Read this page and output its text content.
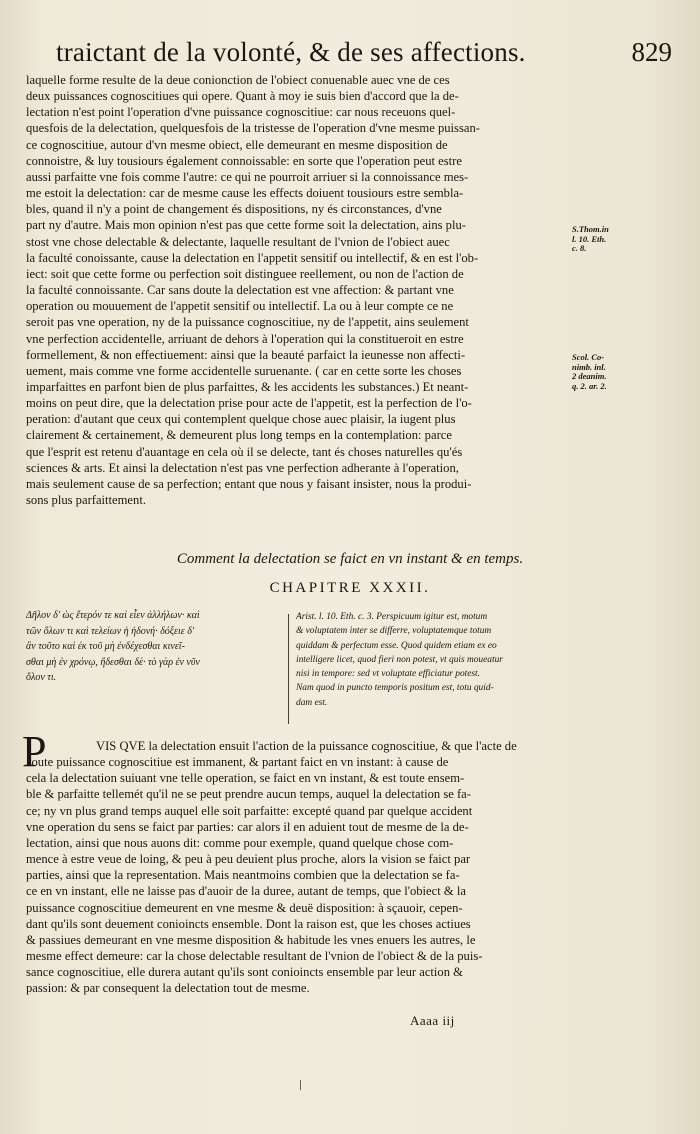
traictant de la volonté, & de ses affections.	829
laquelle forme resulte de la deue conionction de l'obiect conuenable auec vne de ces
deux puissances cognoscitiues qui opere. Quant à moy ie suis bien d'accord que la de-
lectation n'est point l'operation d'vne puissance cognoscitiue: car nous receuons quel-
quesfois de la delectation, quelquesfois de la tristesse de l'operation d'vne mesme puissan-
ce cognoscitiue, autour d'vn mesme obiect, elle demeurant en mesme disposition de
connoistre, & luy tousiours également connoissable: en sorte que l'operation peut estre
aussi parfaitte vne fois comme l'autre: ce qui ne pourroit arriuer si la connoissance mes-
me estoit la delectation: car de mesme cause les effects doiuent tousiours estre sembla-
bles, quand il n'y a point de changement és dispositions, ny és circonstances, d'vne
part ny d'autre. Mais mon opinion n'est pas que cette forme soit la delectation, ains plu-
stost vne chose delectable & delectante, laquelle resultant de l'vnion de l'obiect auec
la faculté conoissante, cause la delectation en l'appetit sensitif ou intellectif, & en est l'ob-
iect: soit que cette forme ou perfection soit distinguee reellement, ou non de l'action de
la faculté connoissante. Car sans doute la delectation est vne affection: & partant vne
operation ou mouuement de l'appetit sensitif ou intellectif. La ou à leur compte ce ne
seroit pas vne operation, ny de la puissance cognoscitiue, ny de l'appetit, ains seulement
vne perfection accidentelle, arriuant de dehors à l'operation qui la constitueroit en estre
formellement, & non effectiuement: ainsi que la beauté parfaict la ieunesse non affecti-
uement, mais comme vne forme accidentelle suruenante. ( car en cette sorte les choses
imparfaittes en parfont bien de plus parfaittes, & les accidents les substances.) Et neant-
moins on peut dire, que la delectation prise pour acte de l'appetit, est la perfection de l'o-
peration: d'autant que ceux qui contemplent quelque chose auec plaisir, la iugent plus
clairement & certainement, & demeurent plus long temps en la contemplation: parce
que l'esprit est retenu d'auantage en cela où il se delecte, tant és choses naturelles qu'és
sciences & arts. Et ainsi la delectation n'est pas vne perfection adherante à l'operation,
mais seulement cause de sa perfection; entant que nous y faisant insister, nous la produi-
sons plus parfaittement.
S.Thom.in
l. 10. Eth.
c. 8.
Scol. Co-
nimb. inl.
2 deanim.
q. 2. ar. 2.
Comment la delectation se faict en vn instant & en temps.
CHAPITRE XXXII.
Δῆλον δ' ὡς ἕτερόν τε καὶ εἶεν ἀλλήλων· καὶ
τῶν ὅλων τι καὶ τελείων ἡ ἡδονή· δόξειε δ'
ἂν τοῦτο καὶ ἐκ τοῦ μὴ ἐνδέχεσθαι κινεῖ-
σθαι μὴ ἐν χρόνῳ, ἥδεσθαι δὲ· τὸ γὰρ ἐν νῦν
ὅλον τι.
Arist. l. 10. Eth. c. 3. Perspicuum igitur est, motum
& voluptatem inter se differre, voluptatemque totum
quiddam & perfectum esse. Quod quidem etiam ex eo
intelligere licet, quod fieri non potest, vt quis moueatur
nisi in tempore: sed vt voluptate efficiatur potest.
Nam quod in puncto temporis positum est, totu quid-
dam est.
P	VIS QVE la delectation ensuit l'action de la puissance cognoscitiue, & que l'acte de
toute puissance cognoscitiue est immanent, & partant faict en vn instant: à cause de
cela la delectation suiuant vne telle operation, se faict en vn instant, & est toute ensem-
ble & parfaitte tellemét qu'il ne se peut prendre aucun temps, auquel la delectation se fa-
ce; ny vn plus grand temps auquel elle soit parfaitte: excepté quand par quelque accident
vne operation du sens se faict par parties: car alors il en aduient tout de mesme de la de-
lectation, ainsi que nous auons dit: comme pour exemple, quand quelque chose com-
mence à estre veue de loing, & peu à peu deuient plus proche, alors la vision se faict par
parties, ainsi que la representation. Mais neantmoins combien que la delectation se fa-
ce en vn instant, elle ne laisse pas d'auoir de la duree, autant de temps, que l'obiect & la
puissance cognoscitiue demeurent en vne mesme & deuë disposition: à sçauoir, cepen-
dant qu'ils sont deuement conioincts ensemble. Dont la raison est, que les choses actiues
& passiues demeurant en vne mesme disposition & habitude les vnes enuers les autres, le
mesme effect demeure: car la chose delectable resultant de l'vnion de l'obiect & de la puis-
sance cognoscitiue, elle durera autant qu'ils sont conioincts ensemble par leur action &
passion: & par consequent la delectation tout de mesme.
Aaaa iij
